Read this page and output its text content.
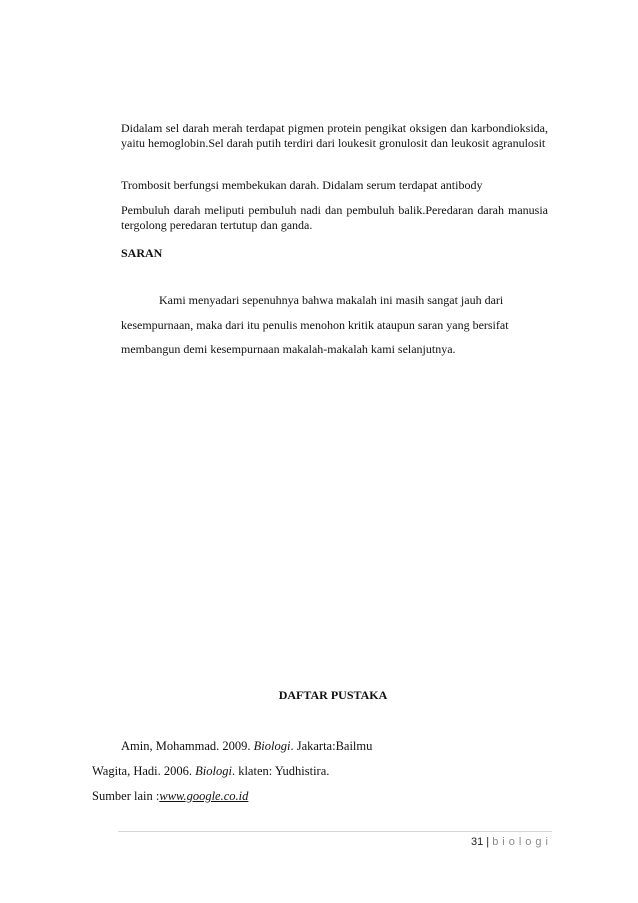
Didalam sel darah merah terdapat pigmen protein pengikat oksigen dan karbondioksida, yaitu hemoglobin.Sel darah putih terdiri dari loukesit gronulosit dan leukosit agranulosit

Trombosit berfungsi membekukan darah. Didalam serum terdapat antibody

Pembuluh darah meliputi pembuluh nadi dan pembuluh balik.Peredaran darah manusia tergolong peredaran tertutup dan ganda.

SARAN

Kami menyadari sepenuhnya bahwa makalah ini masih sangat jauh dari

kesempurnaan, maka dari itu penulis menohon kritik ataupun saran yang bersifat

membangun demi kesempurnaan makalah-makalah kami selanjutnya.

DAFTAR PUSTAKA

Amin, Mohammad. 2009. Biologi. Jakarta:Bailmu

Wagita, Hadi. 2006. Biologi. klaten: Yudhistira.

Sumber lain :www.google.co.id

31 | biologi
